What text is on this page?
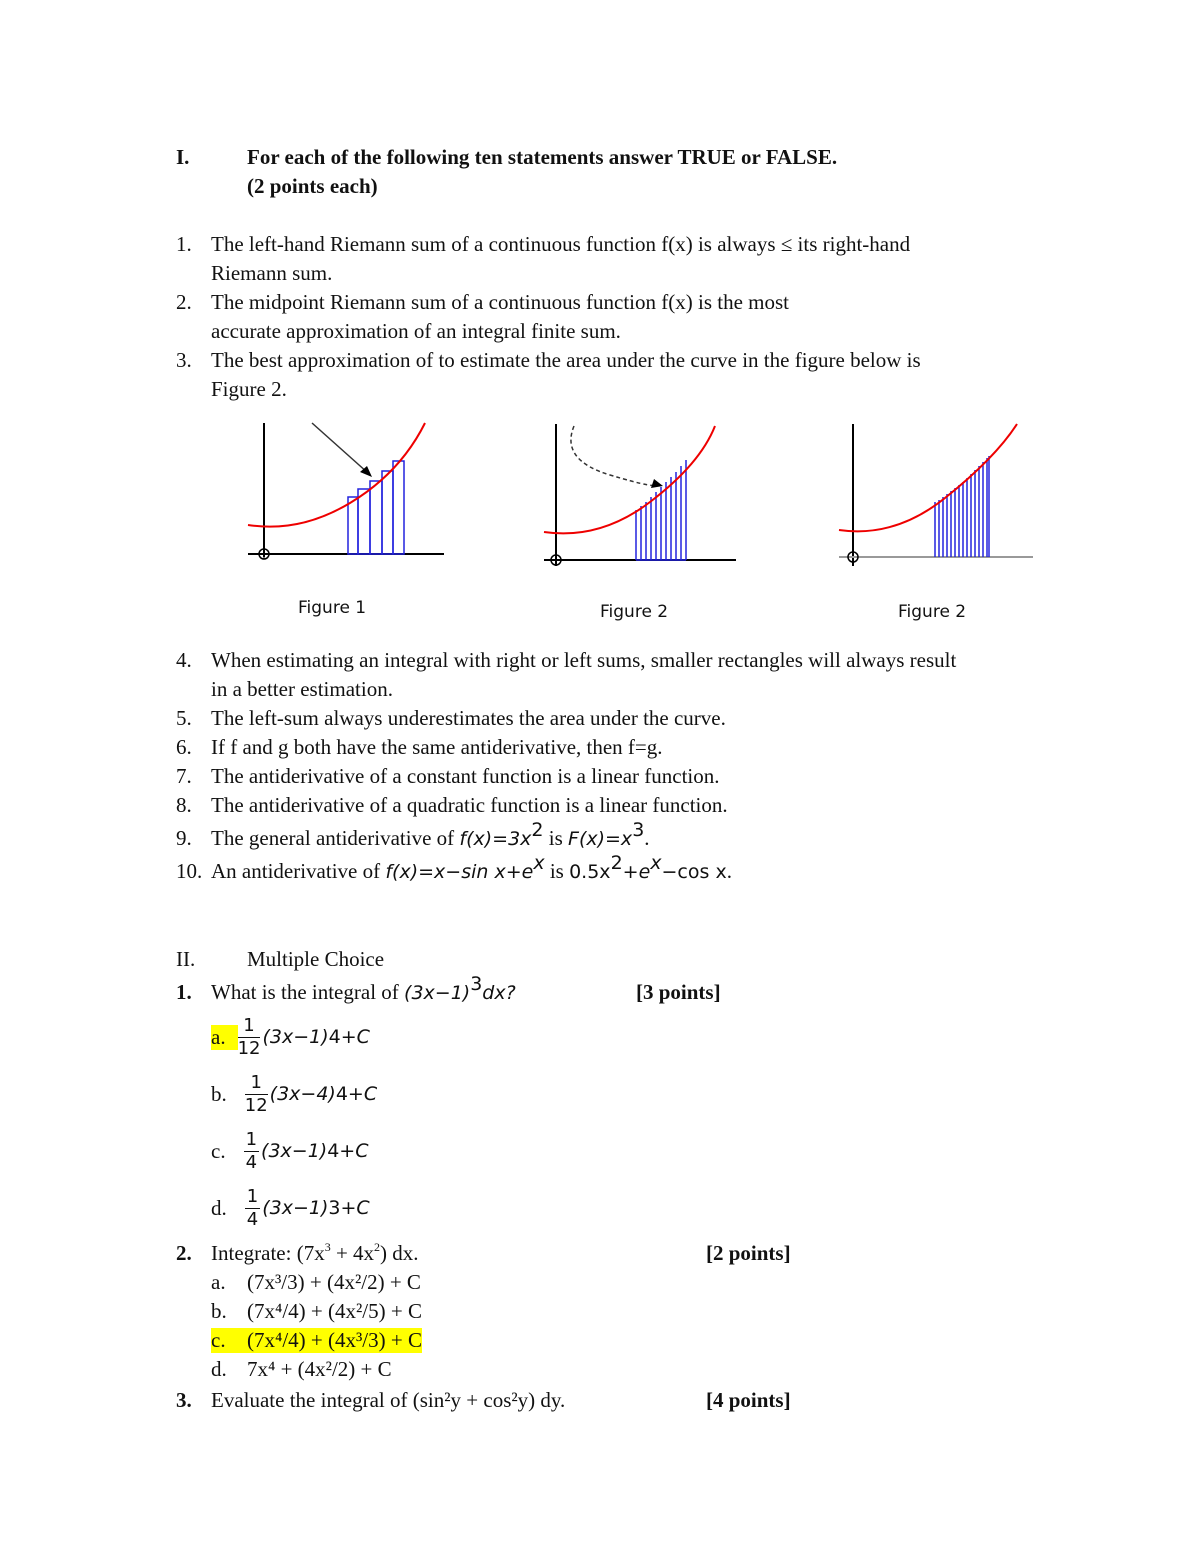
I.	For each of the following ten statements answer TRUE or FALSE.
(2 points each)
1. The left-hand Riemann sum of a continuous function f(x) is always ≤ its right-hand
Riemann sum.
2. The midpoint Riemann sum of a continuous function f(x) is the most
accurate approximation of an integral finite sum.
3. The best approximation of to estimate the area under the curve in the figure below is
Figure 2.
Figure 1	Figure 2	Figure 2
4. When estimating an integral with right or left sums, smaller rectangles will always result
in a better estimation.
5. The left-sum always underestimates the area under the curve.
6. If f and g both have the same antiderivative, then f=g.
7. The antiderivative of a constant function is a linear function.
8. The antiderivative of a quadratic function is a linear function.
9. The general antiderivative of $f(x)=3x^2$ is $F(x)=x^3$.
10. An antiderivative of f(x)=x−sin $x+e^x$ is $0.5x^2+e^x-\cos$ x.
II. Multiple Choice
1. What is the integral of $(3x-1)^3dx$?	[3 points]
a. $\frac{1}{12} (3x-1)$ 4 +C
b.	$\frac{1}{12} (3x-4)$ 4 +C
c.	$\frac{1}{4} (3x-1)$ 4 +C
d.	$\frac{1}{4} (3x-1)$ 3 +C
2. Integrate: $(7x^3 + 4x^2)$ dx.	[2 points]
a. (7x³/3) + (4x²/2) + C
b. (7x⁴/4) + (4x²/5) + C
c. (7x⁴/4) + (4x³/3) + C
d. 7x⁴ + (4x²/2) + C
3. Evaluate the integral of (sin²y + cos²y) dy.	[4 points]
